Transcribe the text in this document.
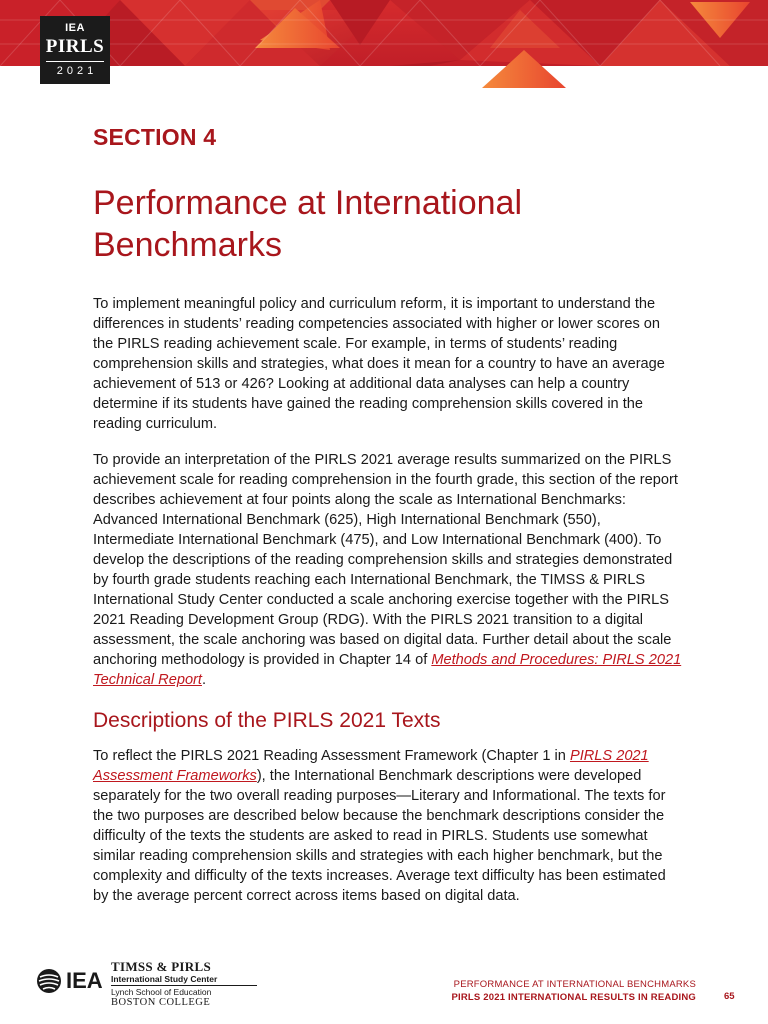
IEA
PIRLS
2021
SECTION 4
Performance at International Benchmarks

To implement meaningful policy and curriculum reform, it is important to understand the differences in students’ reading competencies associated with higher or lower scores on the PIRLS reading achievement scale. For example, in terms of students’ reading comprehension skills and strategies, what does it mean for a country to have an average achievement of 513 or 426? Looking at additional data analyses can help a country determine if its students have gained the reading comprehension skills covered in the reading curriculum.

To provide an interpretation of the PIRLS 2021 average results summarized on the PIRLS achievement scale for reading comprehension in the fourth grade, this section of the report describes achievement at four points along the scale as International Benchmarks: Advanced International Benchmark (625), High International Benchmark (550), Intermediate International Benchmark (475), and Low International Benchmark (400). To develop the descriptions of the reading comprehension skills and strategies demonstrated by fourth grade students reaching each International Benchmark, the TIMSS & PIRLS International Study Center conducted a scale anchoring exercise together with the PIRLS 2021 Reading Development Group (RDG). With the PIRLS 2021 transition to a digital assessment, the scale anchoring was based on digital data. Further detail about the scale anchoring methodology is provided in Chapter 14 of Methods and Procedures: PIRLS 2021 Technical Report.

Descriptions of the PIRLS 2021 Texts

To reflect the PIRLS 2021 Reading Assessment Framework (Chapter 1 in PIRLS 2021 Assessment Frameworks), the International Benchmark descriptions were developed separately for the two overall reading purposes—Literary and Informational. The texts for the two purposes are described below because the benchmark descriptions consider the difficulty of the texts the students are asked to read in PIRLS. Students use somewhat similar reading comprehension skills and strategies with each higher benchmark, but the complexity and difficulty of the texts increases. Average text difficulty has been estimated by the average percent correct across items based on digital data.

IEA
TIMSS & PIRLS
International Study Center
Lynch School of Education
BOSTON COLLEGE
PERFORMANCE AT INTERNATIONAL BENCHMARKS
PIRLS 2021 INTERNATIONAL RESULTS IN READING	65
